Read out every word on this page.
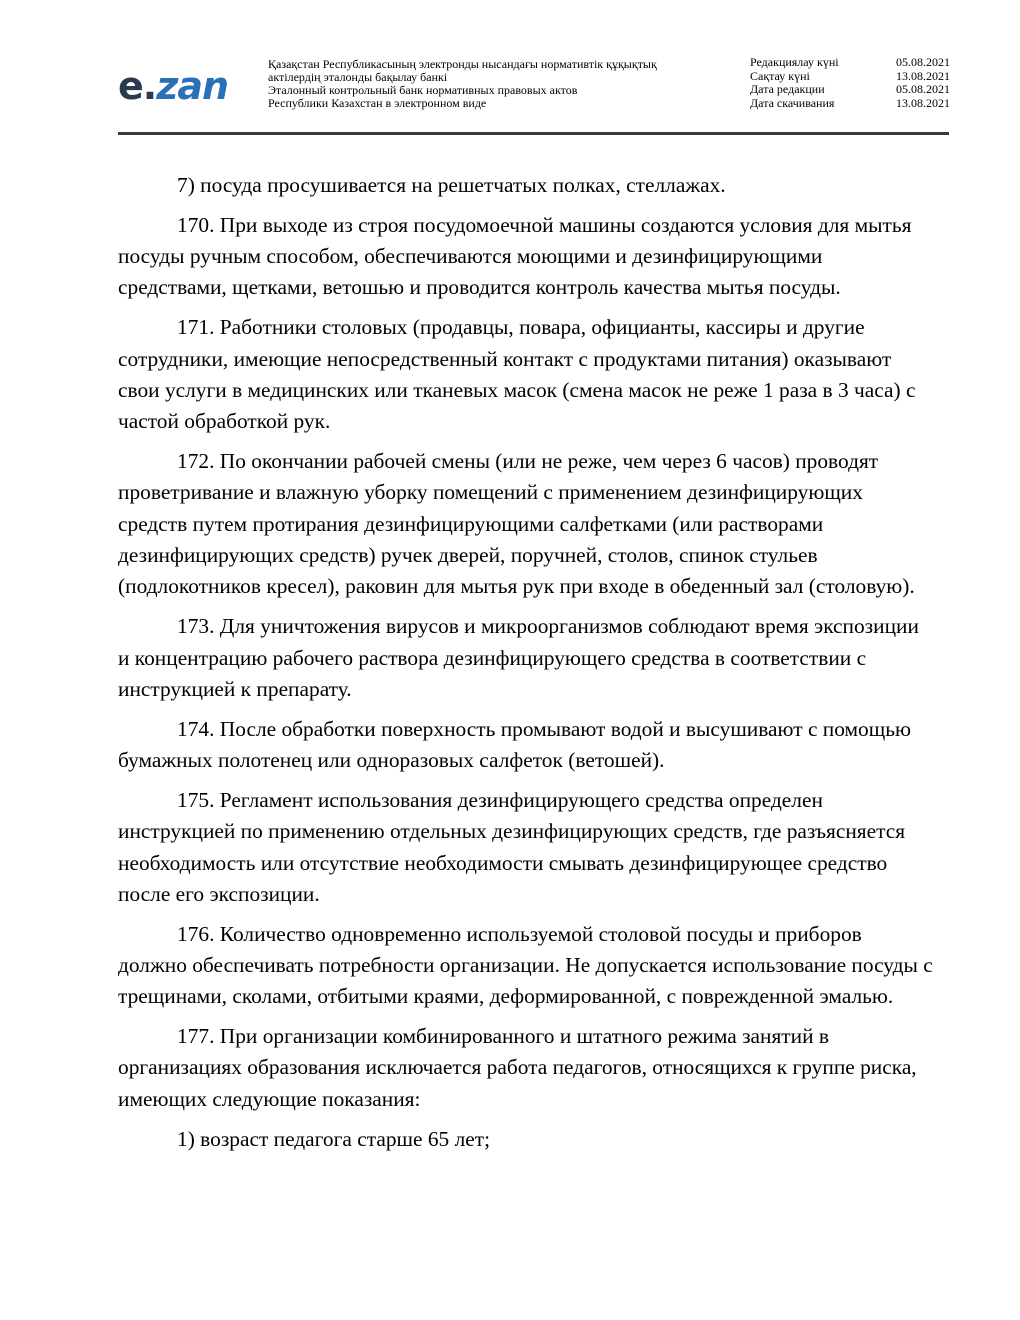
e.zan	Қазақстан Республикасының электронды нысандағы нормативтік құқықтық
актілердің эталонды бақылау банкі
Эталонный контрольный банк нормативных правовых актов
Республики Казахстан в электронном виде
Редакциялау күні	05.08.2021
Сақтау күні	13.08.2021
Дата редакции	05.08.2021
Дата скачивания	13.08.2021

7) посуда просушивается на решетчатых полках, стеллажах.

170. При выходе из строя посудомоечной машины создаются условия для мытья посуды ручным способом, обеспечиваются моющими и дезинфицирующими средствами, щетками, ветошью и проводится контроль качества мытья посуды.

171. Работники столовых (продавцы, повара, официанты, кассиры и другие сотрудники, имеющие непосредственный контакт с продуктами питания) оказывают свои услуги в медицинских или тканевых масок (смена масок не реже 1 раза в 3 часа) с частой обработкой рук.

172. По окончании рабочей смены (или не реже, чем через 6 часов) проводят проветривание и влажную уборку помещений с применением дезинфицирующих средств путем протирания дезинфицирующими салфетками (или растворами дезинфицирующих средств) ручек дверей, поручней, столов, спинок стульев (подлокотников кресел), раковин для мытья рук при входе в обеденный зал (столовую).

173. Для уничтожения вирусов и микроорганизмов соблюдают время экспозиции и концентрацию рабочего раствора дезинфицирующего средства в соответствии с инструкцией к препарату.

174. После обработки поверхность промывают водой и высушивают с помощью бумажных полотенец или одноразовых салфеток (ветошей).

175. Регламент использования дезинфицирующего средства определен инструкцией по применению отдельных дезинфицирующих средств, где разъясняется необходимость или отсутствие необходимости смывать дезинфицирующее средство после его экспозиции.

176. Количество одновременно используемой столовой посуды и приборов должно обеспечивать потребности организации. Не допускается использование посуды с трещинами, сколами, отбитыми краями, деформированной, с поврежденной эмалью.

177. При организации комбинированного и штатного режима занятий в организациях образования исключается работа педагогов, относящихся к группе риска, имеющих следующие показания:

1) возраст педагога старше 65 лет;
